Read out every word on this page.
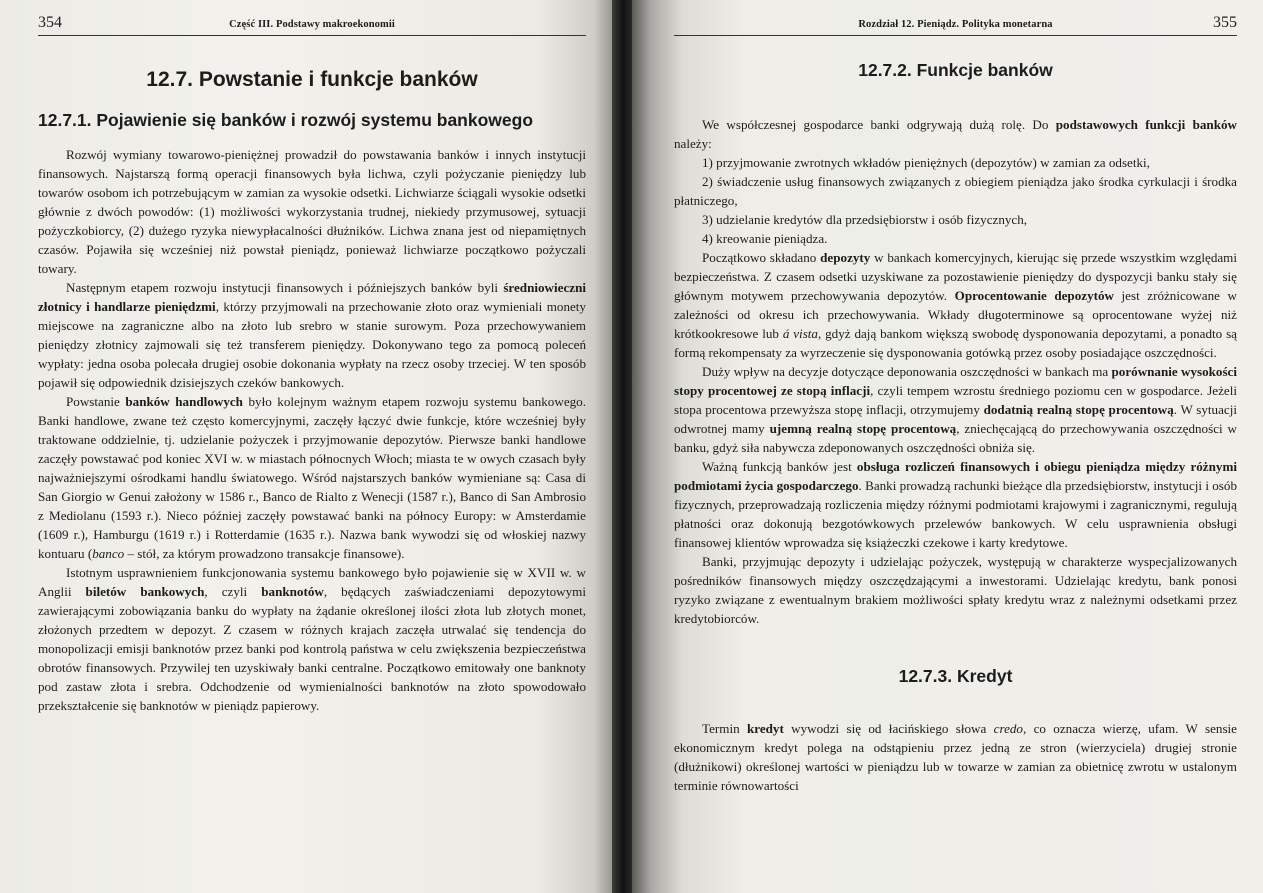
354	Część III. Podstawy makroekonomii
12.7. Powstanie i funkcje banków
12.7.1. Pojawienie się banków i rozwój systemu bankowego

Rozwój wymiany towarowo-pieniężnej prowadził do powstawania banków i innych instytucji finansowych. Najstarszą formą operacji finansowych była lichwa, czyli pożyczanie pieniędzy lub towarów osobom ich potrzebującym w zamian za wysokie odsetki. Lichwiarze ściągali wysokie odsetki głównie z dwóch powodów: (1) możliwości wykorzystania trudnej, niekiedy przymusowej, sytuacji pożyczkobiorcy, (2) dużego ryzyka niewypłacalności dłużników. Lichwa znana jest od niepamiętnych czasów. Pojawiła się wcześniej niż powstał pieniądz, ponieważ lichwiarze początkowo pożyczali towary.

Następnym etapem rozwoju instytucji finansowych i późniejszych banków byli średniowieczni złotnicy i handlarze pieniędzmi, którzy przyjmowali na przechowanie złoto oraz wymieniali monety miejscowe na zagraniczne albo na złoto lub srebro w stanie surowym. Poza przechowywaniem pieniędzy złotnicy zajmowali się też transferem pieniędzy. Dokonywano tego za pomocą poleceń wypłaty: jedna osoba polecała drugiej osobie dokonania wypłaty na rzecz osoby trzeciej. W ten sposób pojawił się odpowiednik dzisiejszych czeków bankowych.

Powstanie banków handlowych było kolejnym ważnym etapem rozwoju systemu bankowego. Banki handlowe, zwane też często komercyjnymi, zaczęły łączyć dwie funkcje, które wcześniej były traktowane oddzielnie, tj. udzielanie pożyczek i przyjmowanie depozytów. Pierwsze banki handlowe zaczęły powstawać pod koniec XVI w. w miastach północnych Włoch; miasta te w owych czasach były najważniejszymi ośrodkami handlu światowego. Wśród najstarszych banków wymieniane są: Casa di San Giorgio w Genui założony w 1586 r., Banco de Rialto z Wenecji (1587 r.), Banco di San Ambrosio z Mediolanu (1593 r.). Nieco później zaczęły powstawać banki na północy Europy: w Amsterdamie (1609 r.), Hamburgu (1619 r.) i Rotterdamie (1635 r.). Nazwa bank wywodzi się od włoskiej nazwy kontuaru (banco – stół, za którym prowadzono transakcje finansowe).

Istotnym usprawnieniem funkcjonowania systemu bankowego było pojawienie się w XVII w. w Anglii biletów bankowych, czyli banknotów, będących zaświadczeniami depozytowymi zawierającymi zobowiązania banku do wypłaty na żądanie określonej ilości złota lub złotych monet, złożonych przedtem w depozyt. Z czasem w różnych krajach zaczęła utrwalać się tendencja do monopolizacji emisji banknotów przez banki pod kontrolą państwa w celu zwiększenia bezpieczeństwa obrotów finansowych. Przywilej ten uzyskiwały banki centralne. Początkowo emitowały one banknoty pod zastaw złota i srebra. Odchodzenie od wymienialności banknotów na złoto spowodowało przekształcenie się banknotów w pieniądz papierowy.

Rozdział 12. Pieniądz. Polityka monetarna	355
12.7.2. Funkcje banków

We współczesnej gospodarce banki odgrywają dużą rolę. Do podstawowych funkcji banków należy:

1) przyjmowanie zwrotnych wkładów pieniężnych (depozytów) w zamian za odsetki,

2) świadczenie usług finansowych związanych z obiegiem pieniądza jako środka cyrkulacji i środka płatniczego,

3) udzielanie kredytów dla przedsiębiorstw i osób fizycznych,

4) kreowanie pieniądza.

Początkowo składano depozyty w bankach komercyjnych, kierując się przede wszystkim względami bezpieczeństwa. Z czasem odsetki uzyskiwane za pozostawienie pieniędzy do dyspozycji banku stały się głównym motywem przechowywania depozytów. Oprocentowanie depozytów jest zróżnicowane w zależności od okresu ich przechowywania. Wkłady długoterminowe są oprocentowane wyżej niż krótkookresowe lub á vista, gdyż dają bankom większą swobodę dysponowania depozytami, a ponadto są formą rekompensaty za wyrzeczenie się dysponowania gotówką przez osoby posiadające oszczędności.

Duży wpływ na decyzje dotyczące deponowania oszczędności w bankach ma porównanie wysokości stopy procentowej ze stopą inflacji, czyli tempem wzrostu średniego poziomu cen w gospodarce. Jeżeli stopa procentowa przewyższa stopę inflacji, otrzymujemy dodatnią realną stopę procentową. W sytuacji odwrotnej mamy ujemną realną stopę procentową, zniechęcającą do przechowywania oszczędności w banku, gdyż siła nabywcza zdeponowanych oszczędności obniża się.

Ważną funkcją banków jest obsługa rozliczeń finansowych i obiegu pieniądza między różnymi podmiotami życia gospodarczego. Banki prowadzą rachunki bieżące dla przedsiębiorstw, instytucji i osób fizycznych, przeprowadzają rozliczenia między różnymi podmiotami krajowymi i zagranicznymi, regulują płatności oraz dokonują bezgotówkowych przelewów bankowych. W celu usprawnienia obsługi finansowej klientów wprowadza się książeczki czekowe i karty kredytowe.

Banki, przyjmując depozyty i udzielając pożyczek, występują w charakterze wyspecjalizowanych pośredników finansowych między oszczędzającymi a inwestorami. Udzielając kredytu, bank ponosi ryzyko związane z ewentualnym brakiem możliwości spłaty kredytu wraz z należnymi odsetkami przez kredytobiorców.

12.7.3. Kredyt

Termin kredyt wywodzi się od łacińskiego słowa credo, co oznacza wierzę, ufam. W sensie ekonomicznym kredyt polega na odstąpieniu przez jedną ze stron (wierzyciela) drugiej stronie (dłużnikowi) określonej wartości w pieniądzu lub w towarze w zamian za obietnicę zwrotu w ustalonym terminie równowartości
